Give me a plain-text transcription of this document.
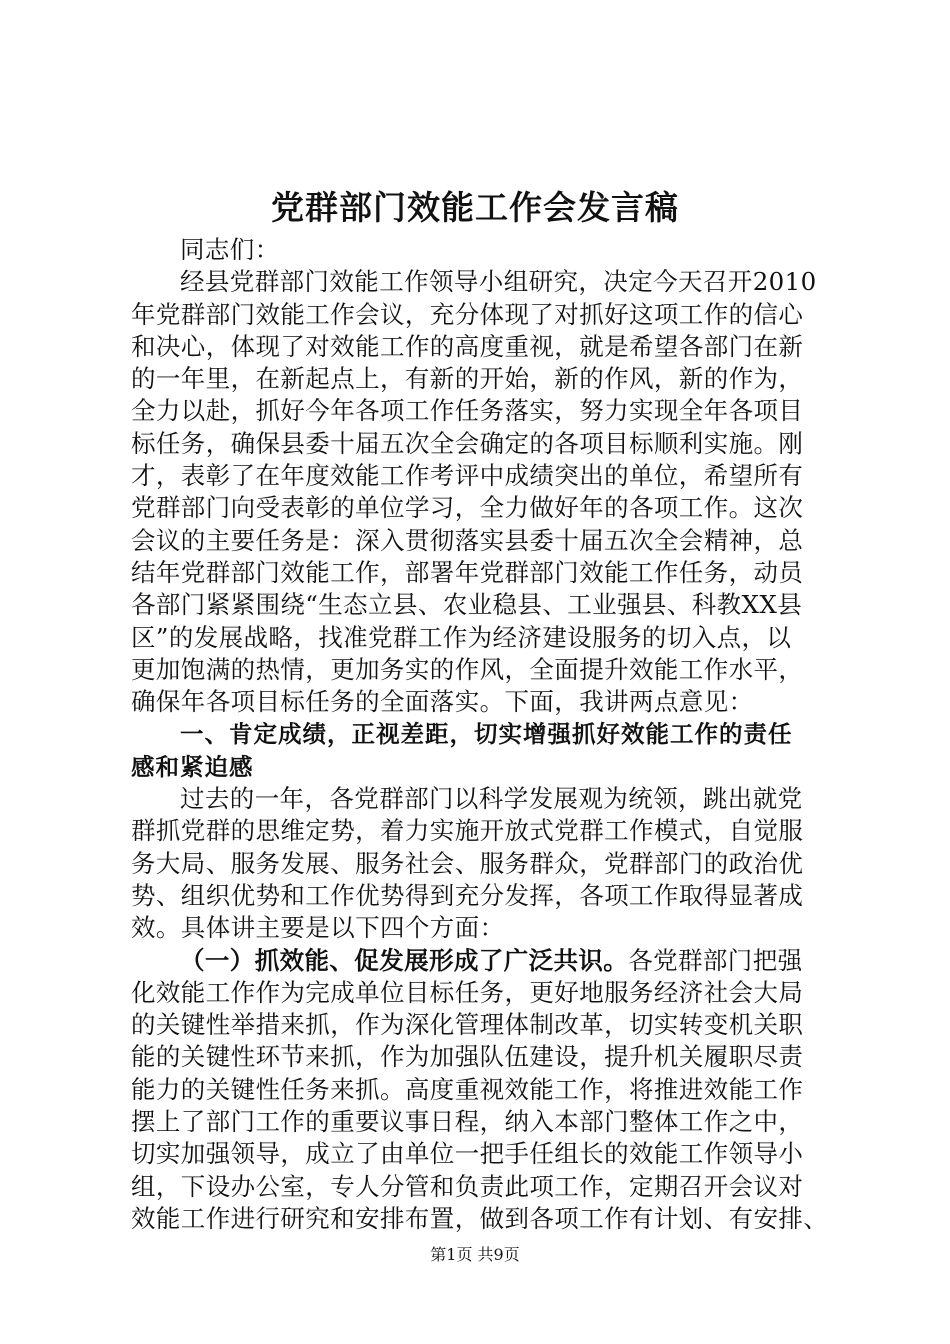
党群部门效能工作会发言稿
同志们：
经县党群部门效能工作领导小组研究，决定今天召开2010
年党群部门效能工作会议，充分体现了对抓好这项工作的信心
和决心，体现了对效能工作的高度重视，就是希望各部门在新
的一年里，在新起点上，有新的开始，新的作风，新的作为，
全力以赴，抓好今年各项工作任务落实，努力实现全年各项目
标任务，确保县委十届五次全会确定的各项目标顺利实施。刚
才，表彰了在年度效能工作考评中成绩突出的单位，希望所有
党群部门向受表彰的单位学习，全力做好年的各项工作。这次
会议的主要任务是：深入贯彻落实县委十届五次全会精神，总
结年党群部门效能工作，部署年党群部门效能工作任务，动员
各部门紧紧围绕“生态立县、农业稳县、工业强县、科教XX县
区”的发展战略，找准党群工作为经济建设服务的切入点，以
更加饱满的热情，更加务实的作风，全面提升效能工作水平，
确保年各项目标任务的全面落实。下面，我讲两点意见：
一、肯定成绩，正视差距，切实增强抓好效能工作的责任
感和紧迫感
过去的一年，各党群部门以科学发展观为统领，跳出就党
群抓党群的思维定势，着力实施开放式党群工作模式，自觉服
务大局、服务发展、服务社会、服务群众，党群部门的政治优
势、组织优势和工作优势得到充分发挥，各项工作取得显著成
效。具体讲主要是以下四个方面：
（一）抓效能、促发展形成了广泛共识。各党群部门把强
化效能工作作为完成单位目标任务，更好地服务经济社会大局
的关键性举措来抓，作为深化管理体制改革，切实转变机关职
能的关键性环节来抓，作为加强队伍建设，提升机关履职尽责
能力的关键性任务来抓。高度重视效能工作，将推进效能工作
摆上了部门工作的重要议事日程，纳入本部门整体工作之中，
切实加强领导，成立了由单位一把手任组长的效能工作领导小
组，下设办公室，专人分管和负责此项工作，定期召开会议对
效能工作进行研究和安排布置，做到各项工作有计划、有安排、
第1页 共9页
